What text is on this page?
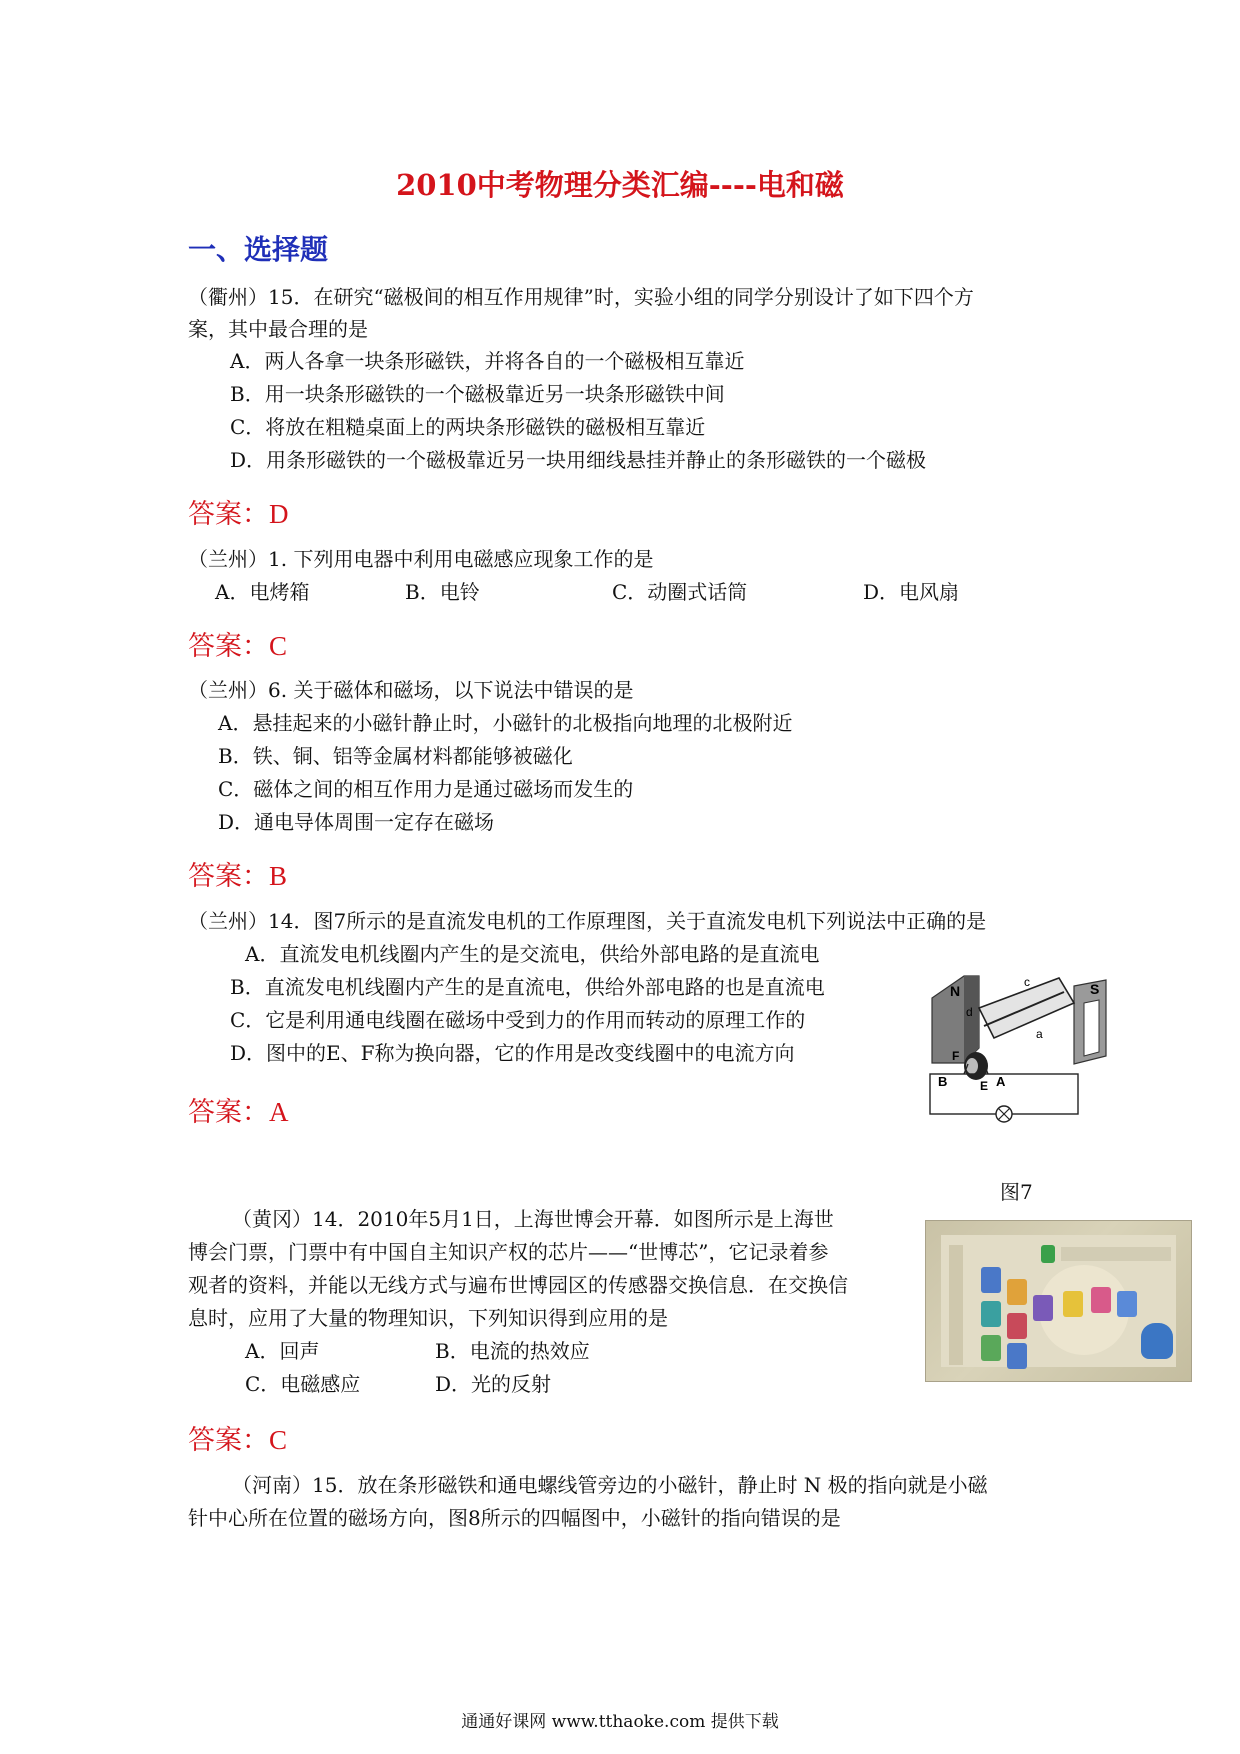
2010中考物理分类汇编----电和磁
一、选择题
（衢州）15．在研究“磁极间的相互作用规律”时，实验小组的同学分别设计了如下四个方
案，其中最合理的是
A．两人各拿一块条形磁铁，并将各自的一个磁极相互靠近
B．用一块条形磁铁的一个磁极靠近另一块条形磁铁中间
C．将放在粗糙桌面上的两块条形磁铁的磁极相互靠近
D．用条形磁铁的一个磁极靠近另一块用细线悬挂并静止的条形磁铁的一个磁极
答案：D
（兰州）1. 下列用电器中利用电磁感应现象工作的是
A．电烤箱	B．电铃	C．动圈式话筒	D．电风扇
答案：C
（兰州）6. 关于磁体和磁场，以下说法中错误的是
A．悬挂起来的小磁针静止时，小磁针的北极指向地理的北极附近
B．铁、铜、铝等金属材料都能够被磁化
C．磁体之间的相互作用力是通过磁场而发生的
D．通电导体周围一定存在磁场
答案：B
（兰州）14．图7所示的是直流发电机的工作原理图，关于直流发电机下列说法中正确的是
A．直流发电机线圈内产生的是交流电，供给外部电路的是直流电
B．直流发电机线圈内产生的是直流电，供给外部电路的也是直流电
C．它是利用通电线圈在磁场中受到力的作用而转动的原理工作的
D．图中的E、F称为换向器，它的作用是改变线圈中的电流方向
答案：A
N	S
c
d
a
F
E
B	A
图7
（黄冈）14．2010年5月1日，上海世博会开幕．如图所示是上海世
博会门票，门票中有中国自主知识产权的芯片——“世博芯”，它记录着参
观者的资料，并能以无线方式与遍布世博园区的传感器交换信息．在交换信
息时，应用了大量的物理知识，下列知识得到应用的是
A．回声	B．电流的热效应
C．电磁感应	D．光的反射
答案：C
（河南）15．放在条形磁铁和通电螺线管旁边的小磁针，静止时 N 极的指向就是小磁
针中心所在位置的磁场方向，图8所示的四幅图中，小磁针的指向错误的是
通通好课网 www.tthaoke.com 提供下载
